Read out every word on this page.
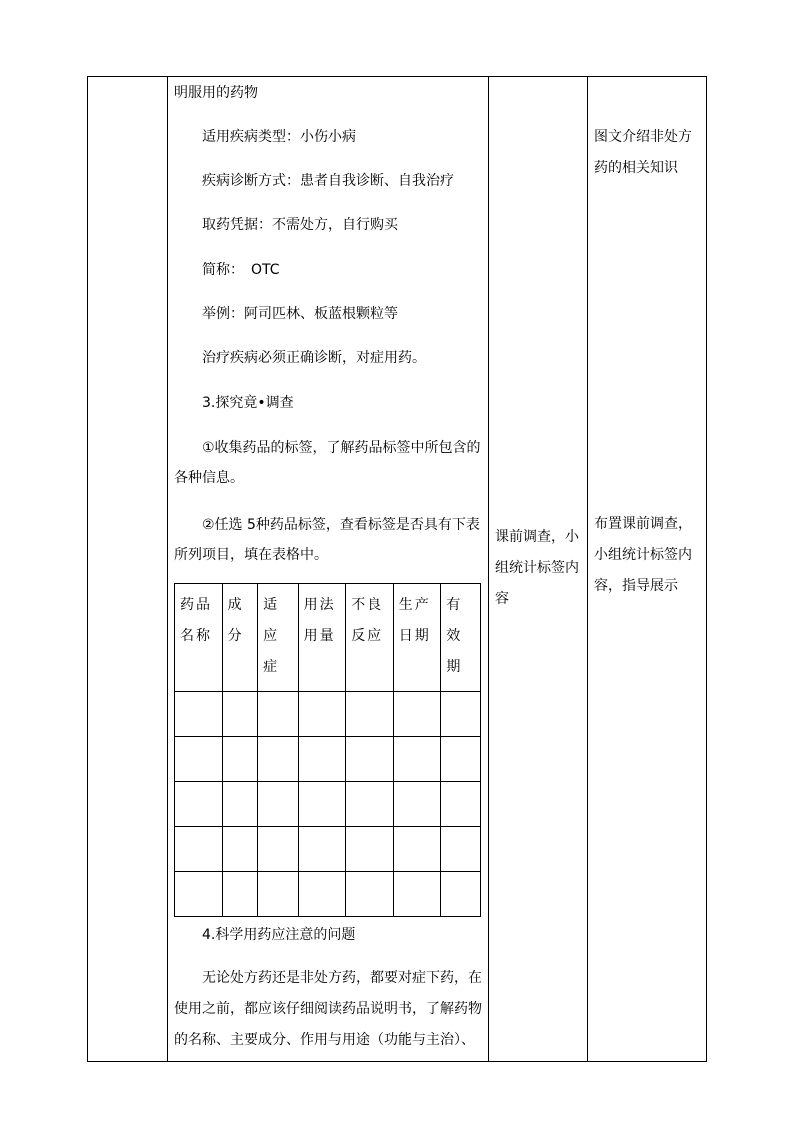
明服用的药物
适用疾病类型：小伤小病
疾病诊断方式：患者自我诊断、自我治疗
取药凭据：不需处方，自行购买
简称：　OTC
举例：阿司匹林、板蓝根颗粒等
治疗疾病必须正确诊断，对症用药。
3.探究竟•调查
①收集药品的标签，了解药品标签中所包含的
各种信息。
②任选 5种药品标签，查看标签是否具有下表
所列项目，填在表格中。
药品名称	成分	适应症	用法用量	不良反应	生产日期	有效期

4.科学用药应注意的问题
无论处方药还是非处方药，都要对症下药，在
使用之前，都应该仔细阅读药品说明书，了解药物
的名称、主要成分、作用与用途（功能与主治）、
课前调查，小组统计标签内容
图文介绍非处方药的相关知识
布置课前调查，小组统计标签内容，指导展示
